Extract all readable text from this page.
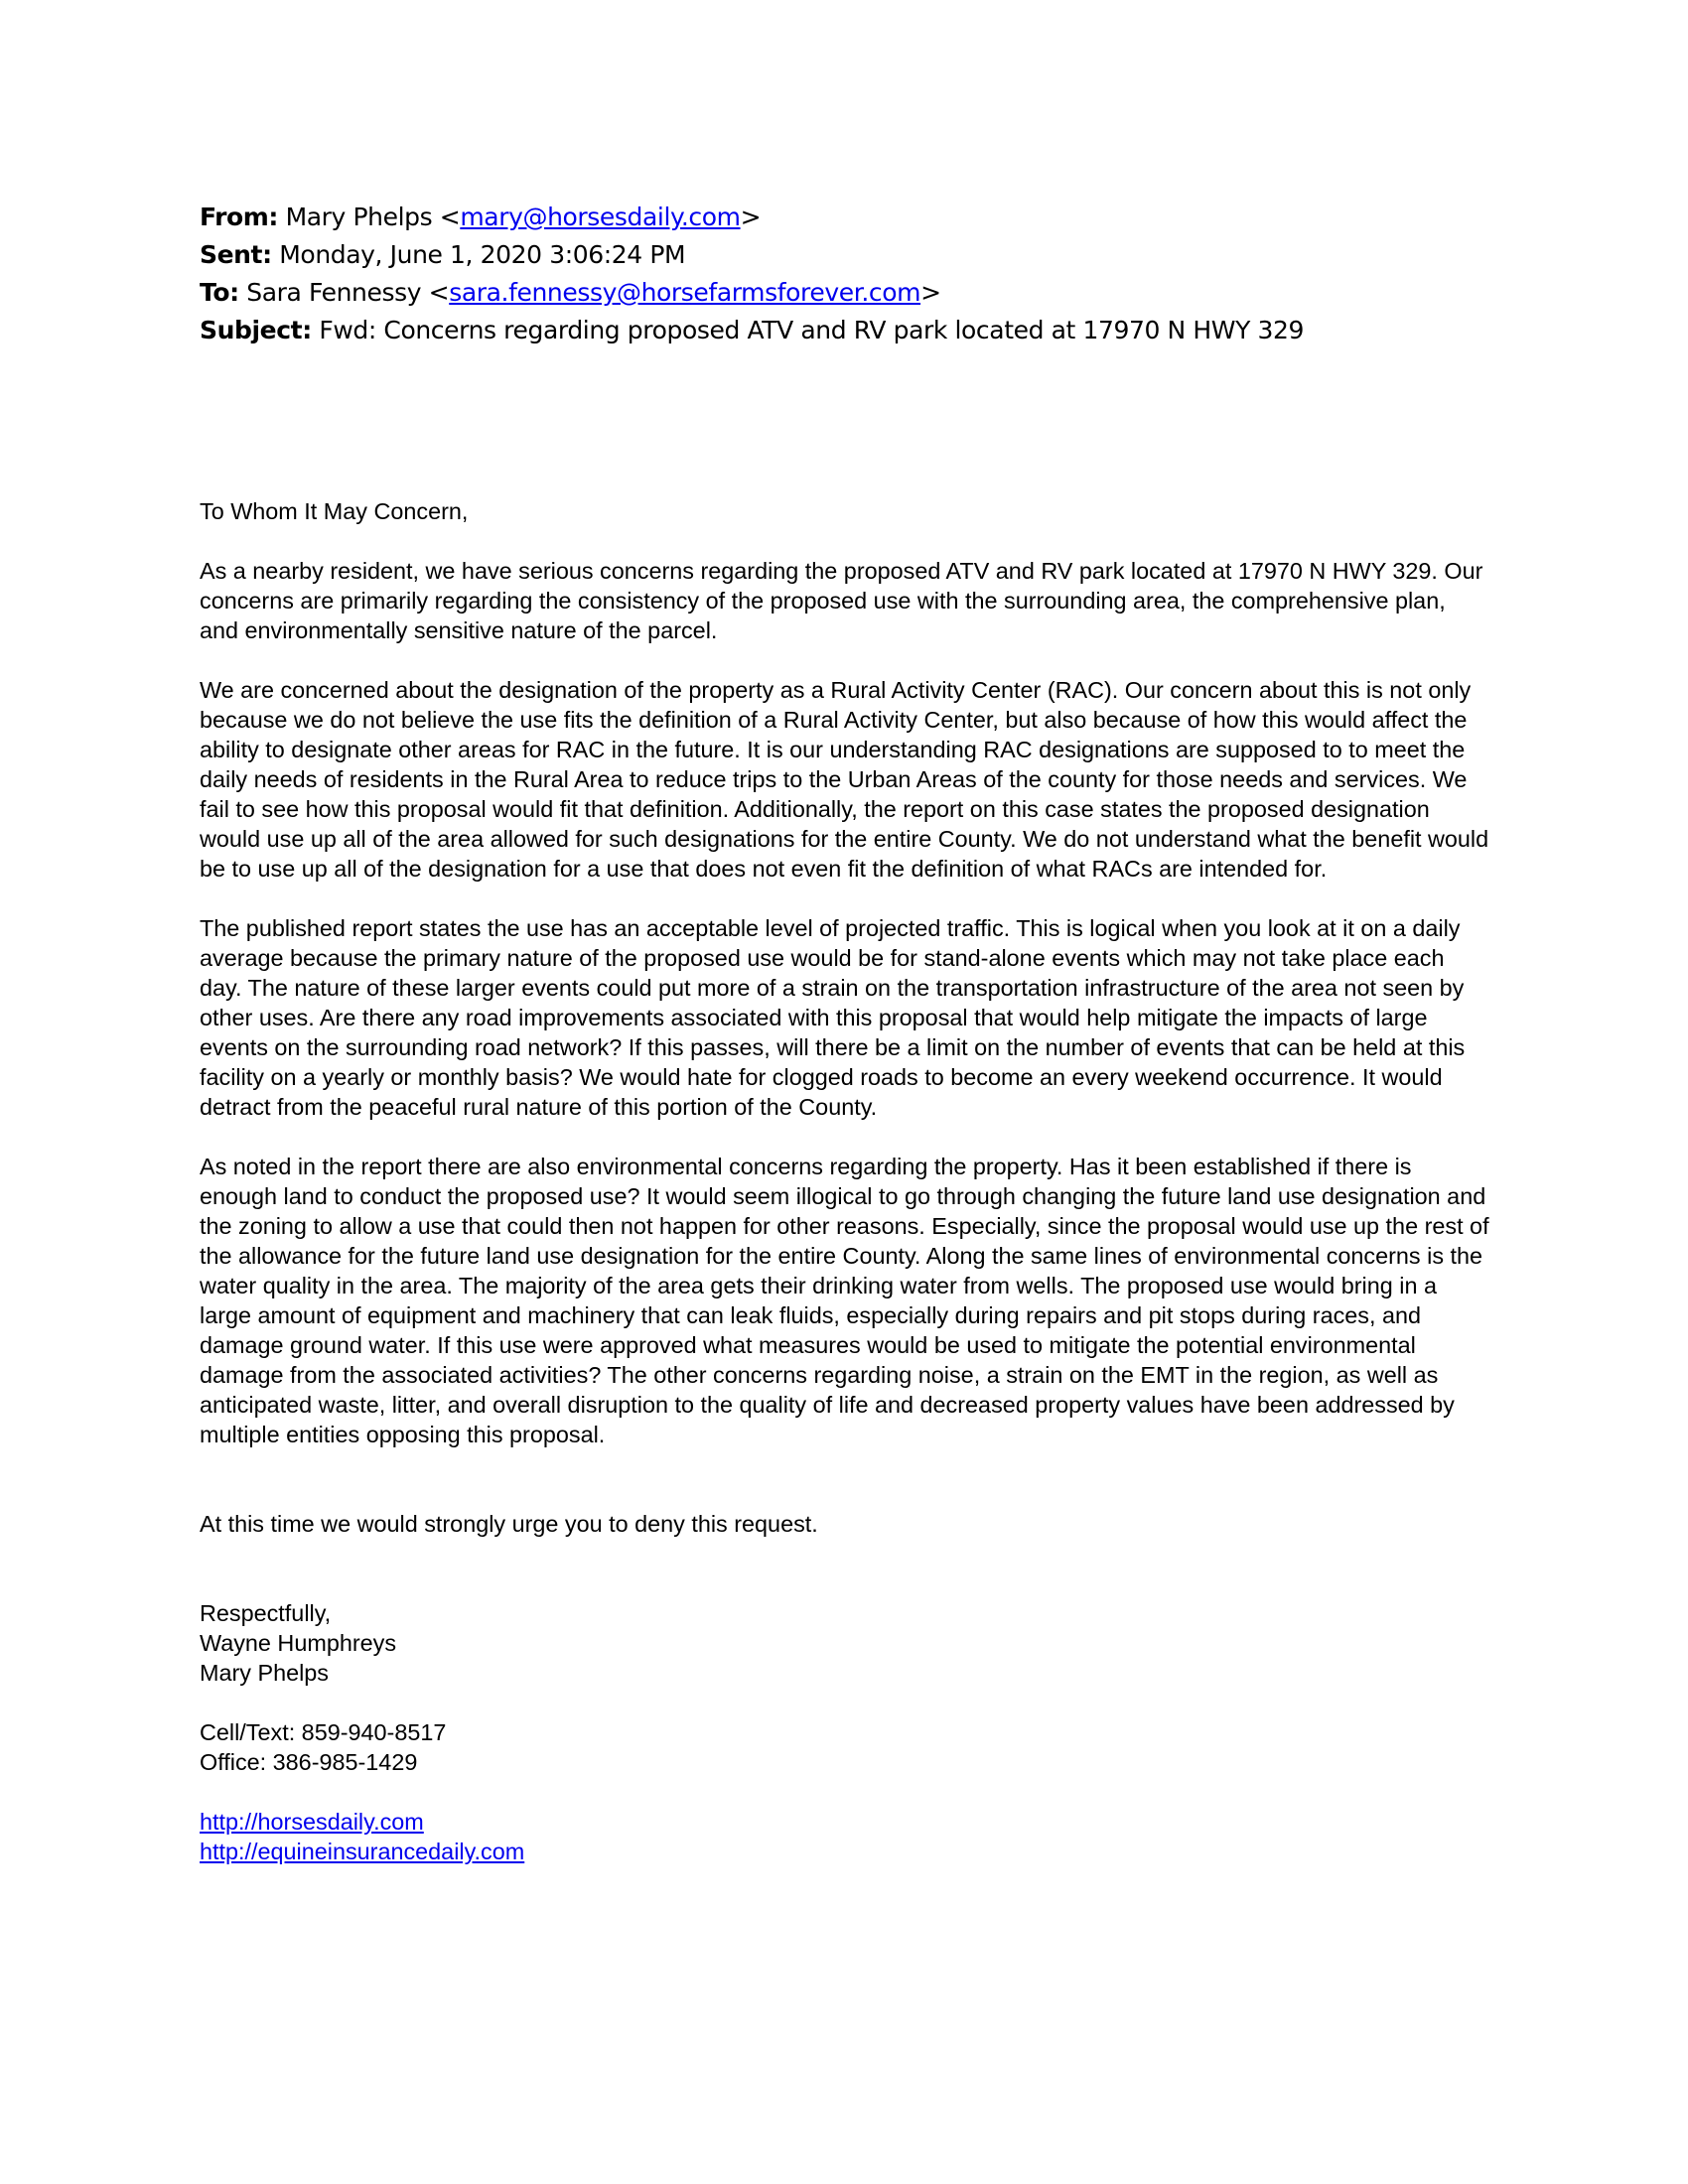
From: Mary Phelps <mary@horsesdaily.com>
Sent: Monday, June 1, 2020 3:06:24 PM
To: Sara Fennessy <sara.fennessy@horsefarmsforever.com>
Subject: Fwd: Concerns regarding proposed ATV and RV park located at 17970 N HWY 329

To Whom It May Concern,

As a nearby resident, we have serious concerns regarding the proposed ATV and RV park located at 17970 N HWY 329. Our concerns are primarily regarding the consistency of the proposed use with the surrounding area, the comprehensive plan, and environmentally sensitive nature of the parcel.

We are concerned about the designation of the property as a Rural Activity Center (RAC). Our concern about this is not only because we do not believe the use fits the definition of a Rural Activity Center, but also because of how this would affect the ability to designate other areas for RAC in the future. It is our understanding RAC designations are supposed to to meet the daily needs of residents in the Rural Area to reduce trips to the Urban Areas of the county for those needs and services. We fail to see how this proposal would fit that definition. Additionally, the report on this case states the proposed designation would use up all of the area allowed for such designations for the entire County. We do not understand what the benefit would be to use up all of the designation for a use that does not even fit the definition of what RACs are intended for.

The published report states the use has an acceptable level of projected traffic. This is logical when you look at it on a daily average because the primary nature of the proposed use would be for stand-alone events which may not take place each day. The nature of these larger events could put more of a strain on the transportation infrastructure of the area not seen by other uses. Are there any road improvements associated with this proposal that would help mitigate the impacts of large events on the surrounding road network? If this passes, will there be a limit on the number of events that can be held at this facility on a yearly or monthly basis? We would hate for clogged roads to become an every weekend occurrence. It would detract from the peaceful rural nature of this portion of the County.

As noted in the report there are also environmental concerns regarding the property. Has it been established if there is enough land to conduct the proposed use? It would seem illogical to go through changing the future land use designation and the zoning to allow a use that could then not happen for other reasons. Especially, since the proposal would use up the rest of the allowance for the future land use designation for the entire County. Along the same lines of environmental concerns is the water quality in the area. The majority of the area gets their drinking water from wells. The proposed use would bring in a large amount of equipment and machinery that can leak fluids, especially during repairs and pit stops during races, and damage ground water. If this use were approved what measures would be used to mitigate the potential environmental damage from the associated activities? The other concerns regarding noise, a strain on the EMT in the region, as well as anticipated waste, litter, and overall disruption to the quality of life and decreased property values have been addressed by multiple entities opposing this proposal.

At this time we would strongly urge you to deny this request.

Respectfully,

Wayne Humphreys

Mary Phelps

Cell/Text: 859-940-8517

Office: 386-985-1429

http://horsesdaily.com
http://equineinsurancedaily.com
